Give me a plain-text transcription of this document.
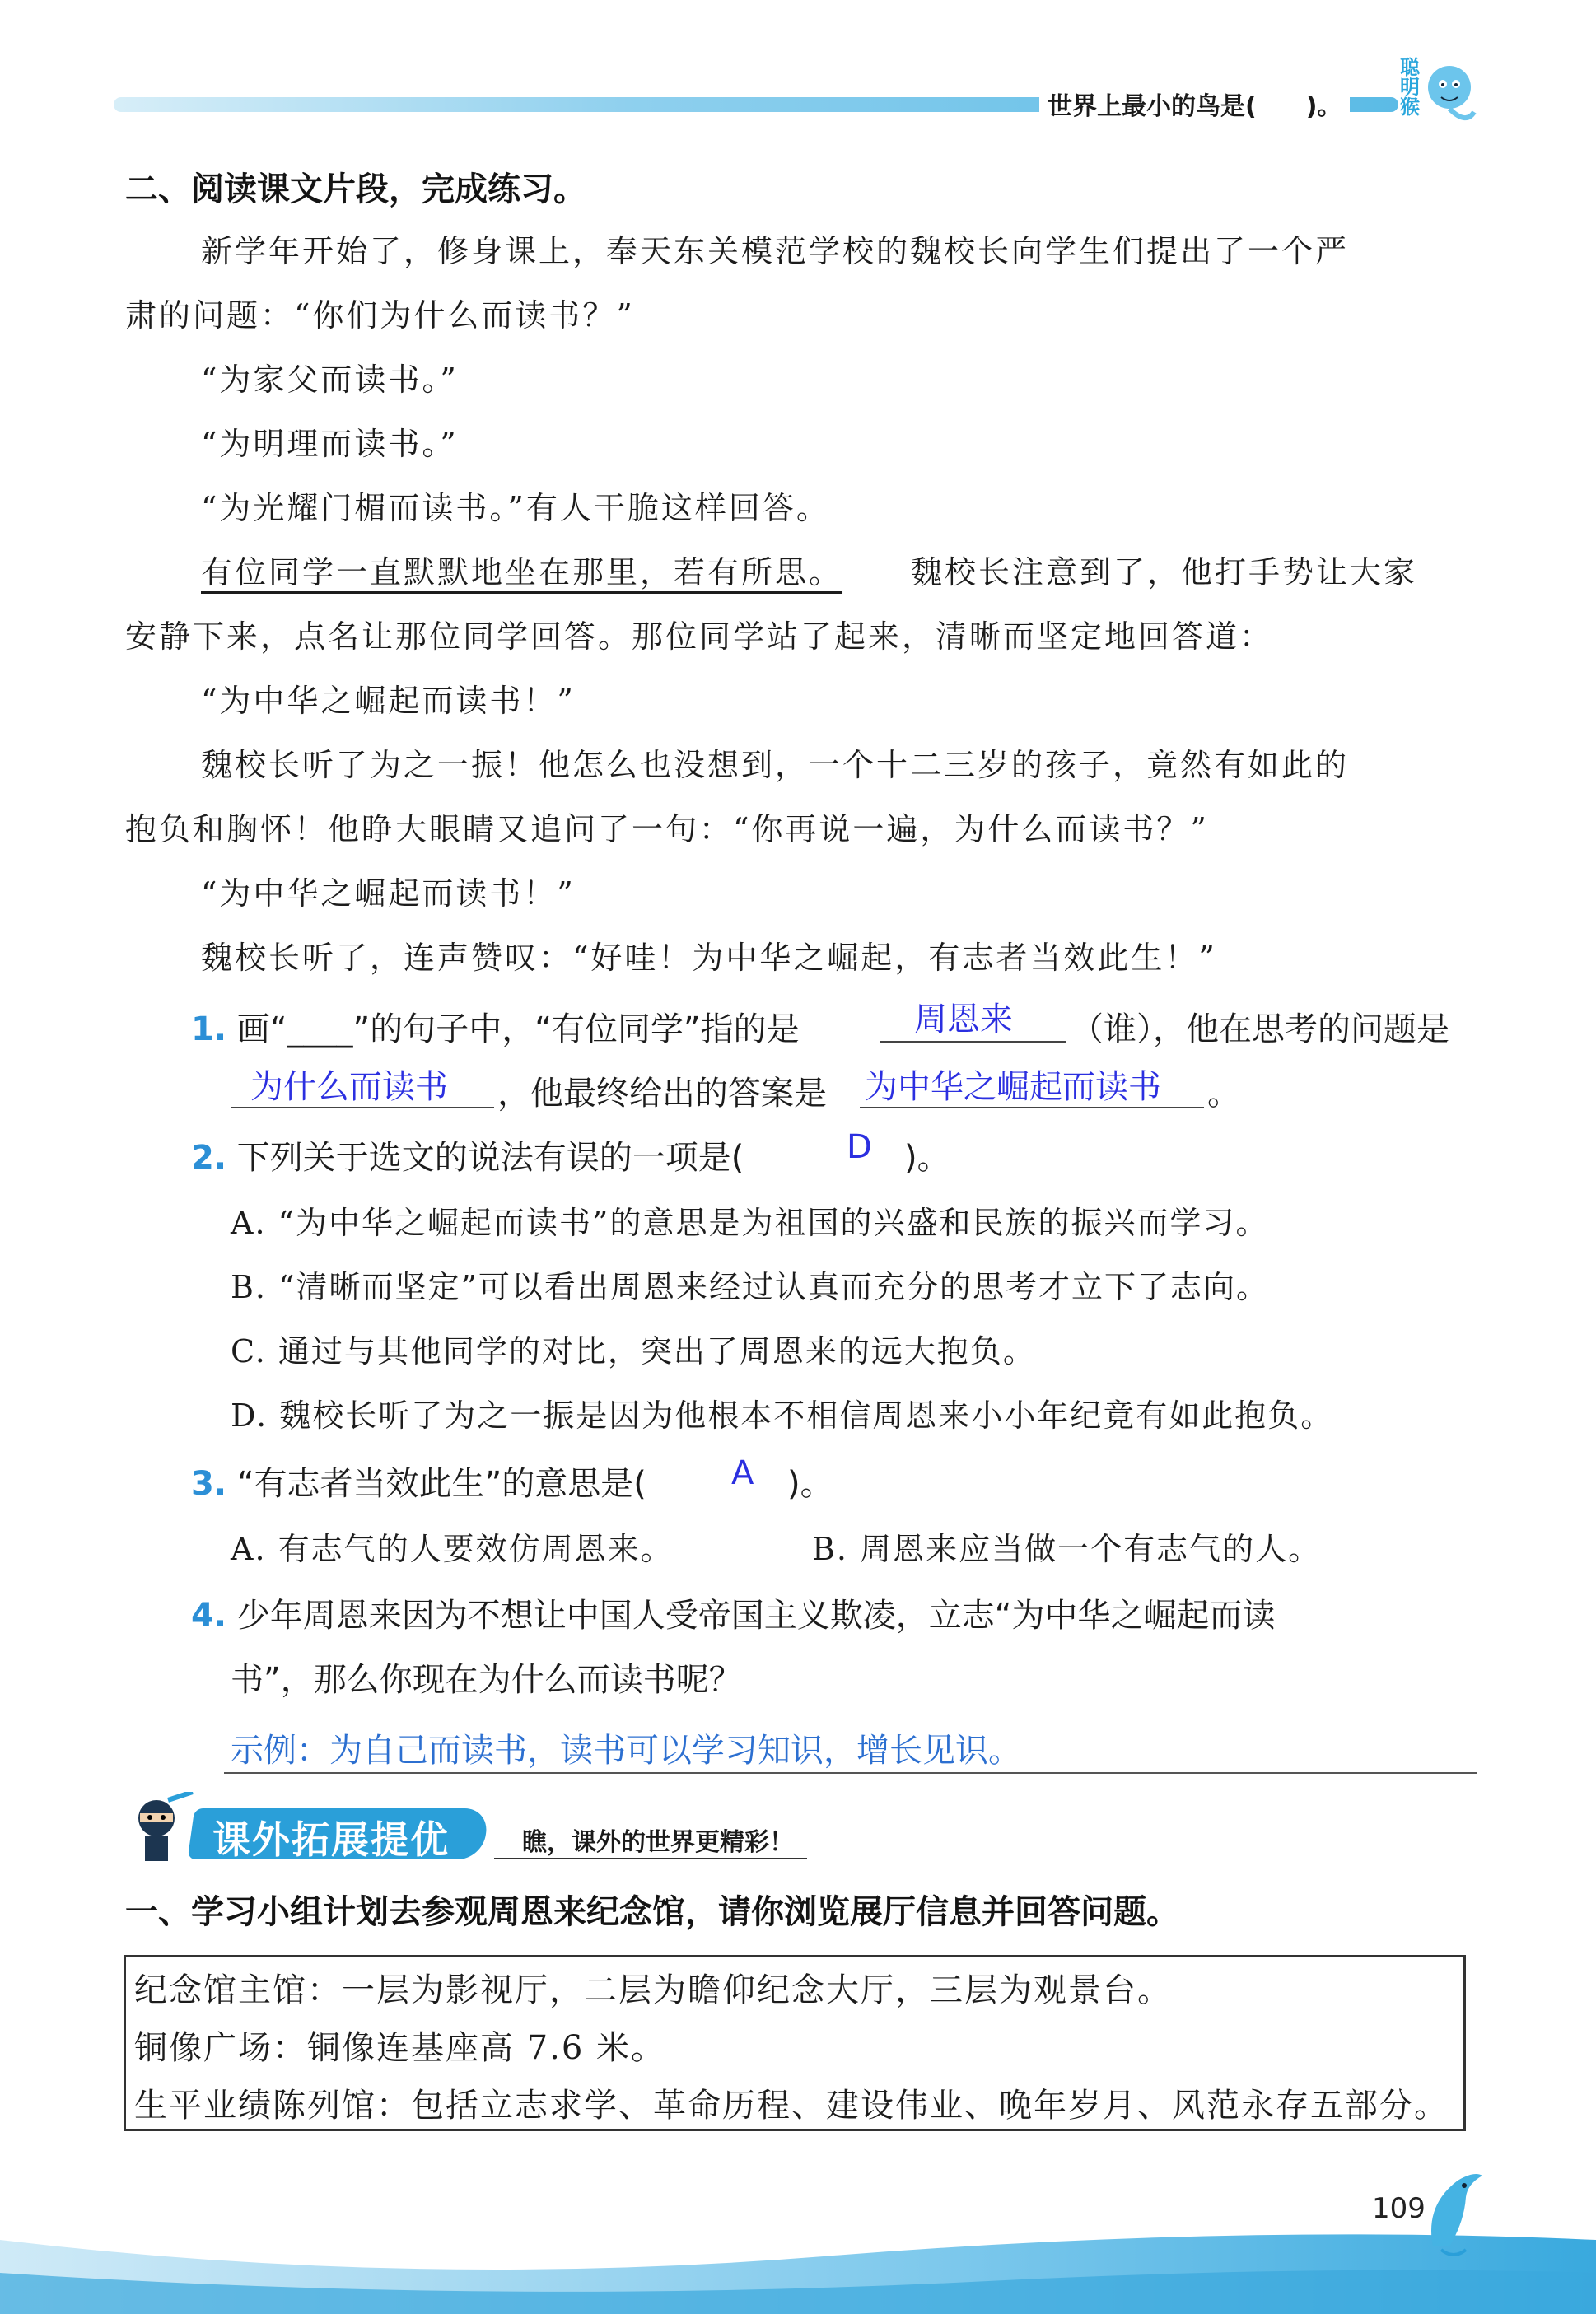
世界上最小的鸟是(　　)。
聪明猴
二、阅读课文片段，完成练习。
新学年开始了，修身课上，奉天东关模范学校的魏校长向学生们提出了一个严
肃的问题：“你们为什么而读书？”
“为家父而读书。”
“为明理而读书。”
“为光耀门楣而读书。”有人干脆这样回答。
有位同学一直默默地坐在那里，若有所思。 魏校长注意到了，他打手势让大家
安静下来，点名让那位同学回答。那位同学站了起来，清晰而坚定地回答道：
“为中华之崛起而读书！”
魏校长听了为之一振！他怎么也没想到，一个十二三岁的孩子，竟然有如此的
抱负和胸怀！他睁大眼睛又追问了一句：“你再说一遍，为什么而读书？”
“为中华之崛起而读书！”
魏校长听了，连声赞叹：“好哇！为中华之崛起，有志者当效此生！”
1. 画“____”的句子中，“有位同学”指的是	周恩来 （谁），他在思考的问题是
为什么而读书 ，他最终给出的答案是 为中华之崛起而读书 。
2. 下列关于选文的说法有误的一项是(	D )。
A. “为中华之崛起而读书”的意思是为祖国的兴盛和民族的振兴而学习。
B. “清晰而坚定”可以看出周恩来经过认真而充分的思考才立下了志向。
C. 通过与其他同学的对比，突出了周恩来的远大抱负。
D. 魏校长听了为之一振是因为他根本不相信周恩来小小年纪竟有如此抱负。
3. “有志者当效此生”的意思是(	A )。
A. 有志气的人要效仿周恩来。	B. 周恩来应当做一个有志气的人。
4. 少年周恩来因为不想让中国人受帝国主义欺凌，立志“为中华之崛起而读
书”，那么你现在为什么而读书呢？
示例：为自己而读书，读书可以学习知识，增长见识。
课外拓展提优	瞧，课外的世界更精彩！
一、学习小组计划去参观周恩来纪念馆，请你浏览展厅信息并回答问题。
纪念馆主馆：一层为影视厅，二层为瞻仰纪念大厅，三层为观景台。
铜像广场：铜像连基座高 7.6 米。
生平业绩陈列馆：包括立志求学、革命历程、建设伟业、晚年岁月、风范永存五部分。
109
